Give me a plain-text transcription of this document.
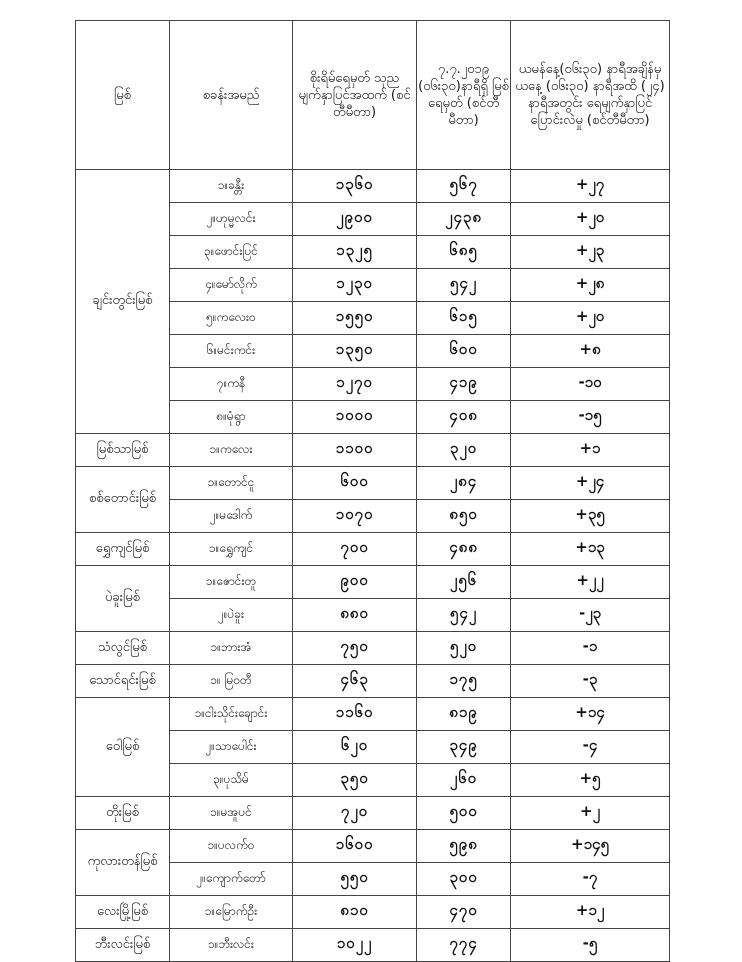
မြစ်	စခန်းအမည်	စိုးရိမ်ရေမှတ် သုညမျက်နှာပြင်အထက် (စင်တီမီတာ)	၇.၇.၂၀၁၉ (၀၆း၃၀)နာရီရှိ မြစ်ရေမှတ် (စင်တီမီတာ)	ယမန်နေ့(၀၆း၃၀) နာရီအချိန်မှ ယနေ့ (၀၆း၃၀) နာရီအထိ (၂၄) နာရီအတွင်း ရေမျက်နှာပြင်ပြောင်းလဲမှု (စင်တီမီတာ)
ချင်းတွင်းမြစ်	၁။ခန္တီး	၁၃၆၀	၅၆၇	+၂၇
	၂။ဟုမ္မလင်း	၂၉၀၀	၂၄၃၈	+၂၀
	၃။ဖောင်းပြင်	၁၃၂၅	၆၈၅	+၂၃
	၄။မော်လိုက်	၁၂၃၀	၅၄၂	+၂၈
	၅။ကလေးဝ	၁၅၅၀	၆၁၅	+၂၀
	၆။မင်းကင်း	၁၃၅၀	၆၀၀	+၈
	၇။ကနီ	၁၂၇၀	၄၁၉	-၁၀
	၈။မုံရွာ	၁၀၀၀	၄၀၈	-၁၅
မြစ်သာမြစ်	၁။ကလေး	၁၁၀၀	၃၂၀	+၁
စစ်တောင်းမြစ်	၁။တောင်ငူ	၆၀၀	၂၈၄	+၂၄
	၂။မဒေါက်	၁၀၇၀	၈၅၀	+၃၅
ရွှေကျင်မြစ်	၁။ရွှေကျင်	၇၀၀	၄၈၈	+၁၃
ပဲခူးမြစ်	၁။ဇောင်းတူ	၉၀၀	၂၅၆	+၂၂
	၂။ပဲခူး	၈၈၀	၅၄၂	-၂၃
သံလွင်မြစ်	၁။ဘားအံ	၇၅၀	၅၂၀	-၁
သောင်ရင်းမြစ်	၁။ မြဝတီ	၄၆၃	၁၇၅	-၃
ဝေါမြစ်	၁။ငါးသိုင်းချောင်း	၁၁၆၀	၈၁၉	+၁၄
	၂။သာပေါင်း	၆၂၀	၃၄၉	-၄
	၃။ပုသိမ်	၃၅၀	၂၆၀	+၅
တိုးမြစ်	၁။မအူပင်	၇၂၀	၅၀၀	+၂
ကုလားတန်မြစ်	၁။ပလက်ဝ	၁၆၀၀	၅၉၈	+၁၄၅
	၂။ကျောက်တော်	၅၅၀	၃၀၀	-၇
လေးမြို့မြစ်	၁။မြောက်ဦး	၈၁၀	၄၇၀	+၁၂
ဘီးလင်းမြစ်	၁။ဘီးလင်း	၁၀၂၂	၇၇၄	-၅
